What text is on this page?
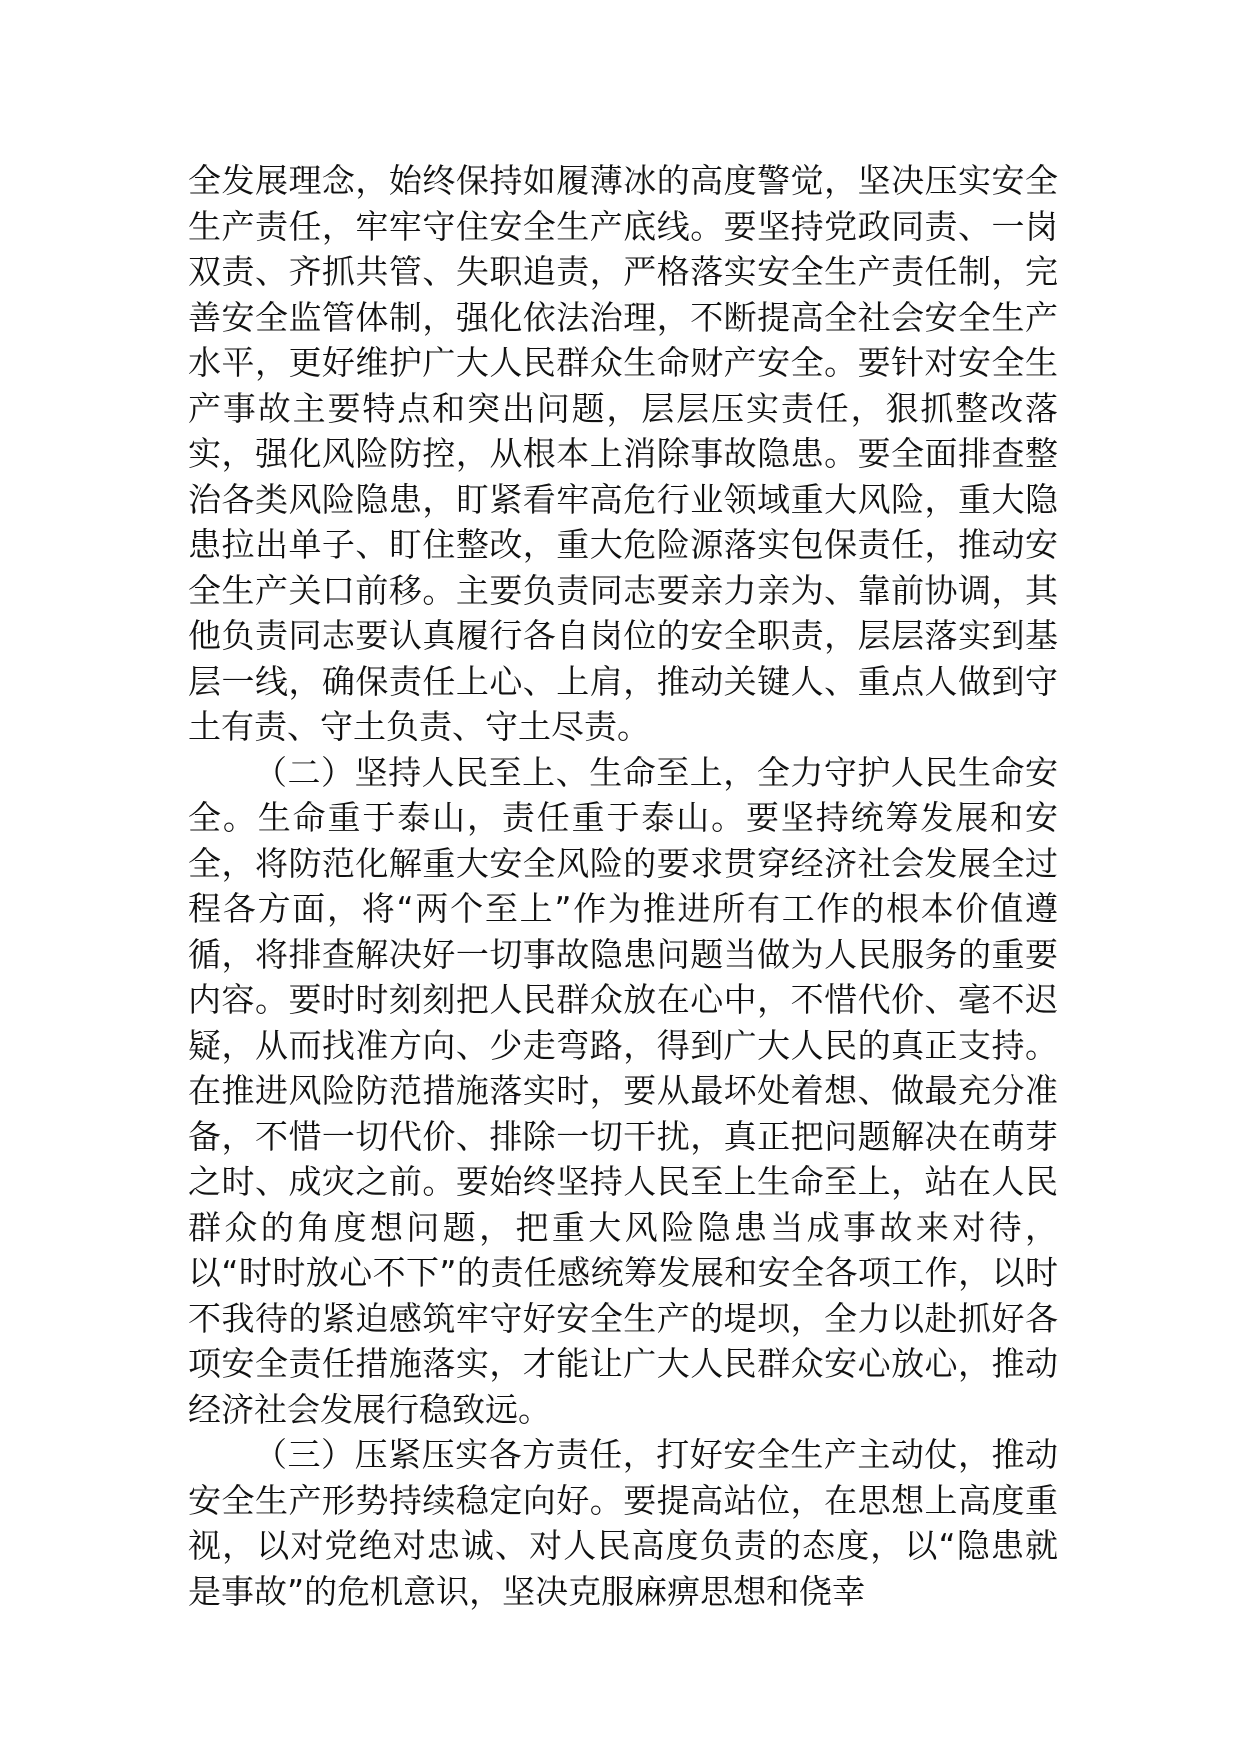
全发展理念，始终保持如履薄冰的高度警觉，坚决压实安全生产责任，牢牢守住安全生产底线。要坚持党政同责、一岗双责、齐抓共管、失职追责，严格落实安全生产责任制，完善安全监管体制，强化依法治理，不断提高全社会安全生产水平，更好维护广大人民群众生命财产安全。要针对安全生产事故主要特点和突出问题，层层压实责任，狠抓整改落实，强化风险防控，从根本上消除事故隐患。要全面排查整治各类风险隐患，盯紧看牢高危行业领域重大风险，重大隐患拉出单子、盯住整改，重大危险源落实包保责任，推动安全生产关口前移。主要负责同志要亲力亲为、靠前协调，其他负责同志要认真履行各自岗位的安全职责，层层落实到基层一线，确保责任上心、上肩，推动关键人、重点人做到守土有责、守土负责、守土尽责。

（二）坚持人民至上、生命至上，全力守护人民生命安全。生命重于泰山，责任重于泰山。要坚持统筹发展和安全，将防范化解重大安全风险的要求贯穿经济社会发展全过程各方面，将“两个至上”作为推进所有工作的根本价值遵循，将排查解决好一切事故隐患问题当做为人民服务的重要内容。要时时刻刻把人民群众放在心中，不惜代价、毫不迟疑，从而找准方向、少走弯路，得到广大人民的真正支持。在推进风险防范措施落实时，要从最坏处着想、做最充分准备，不惜一切代价、排除一切干扰，真正把问题解决在萌芽之时、成灾之前。要始终坚持人民至上生命至上，站在人民群众的角度想问题，把重大风险隐患当成事故来对待，以“时时放心不下”的责任感统筹发展和安全各项工作，以时不我待的紧迫感筑牢守好安全生产的堤坝，全力以赴抓好各项安全责任措施落实，才能让广大人民群众安心放心，推动经济社会发展行稳致远。

（三）压紧压实各方责任，打好安全生产主动仗，推动安全生产形势持续稳定向好。要提高站位，在思想上高度重视，以对党绝对忠诚、对人民高度负责的态度，以“隐患就是事故”的危机意识，坚决克服麻痹思想和侥幸
